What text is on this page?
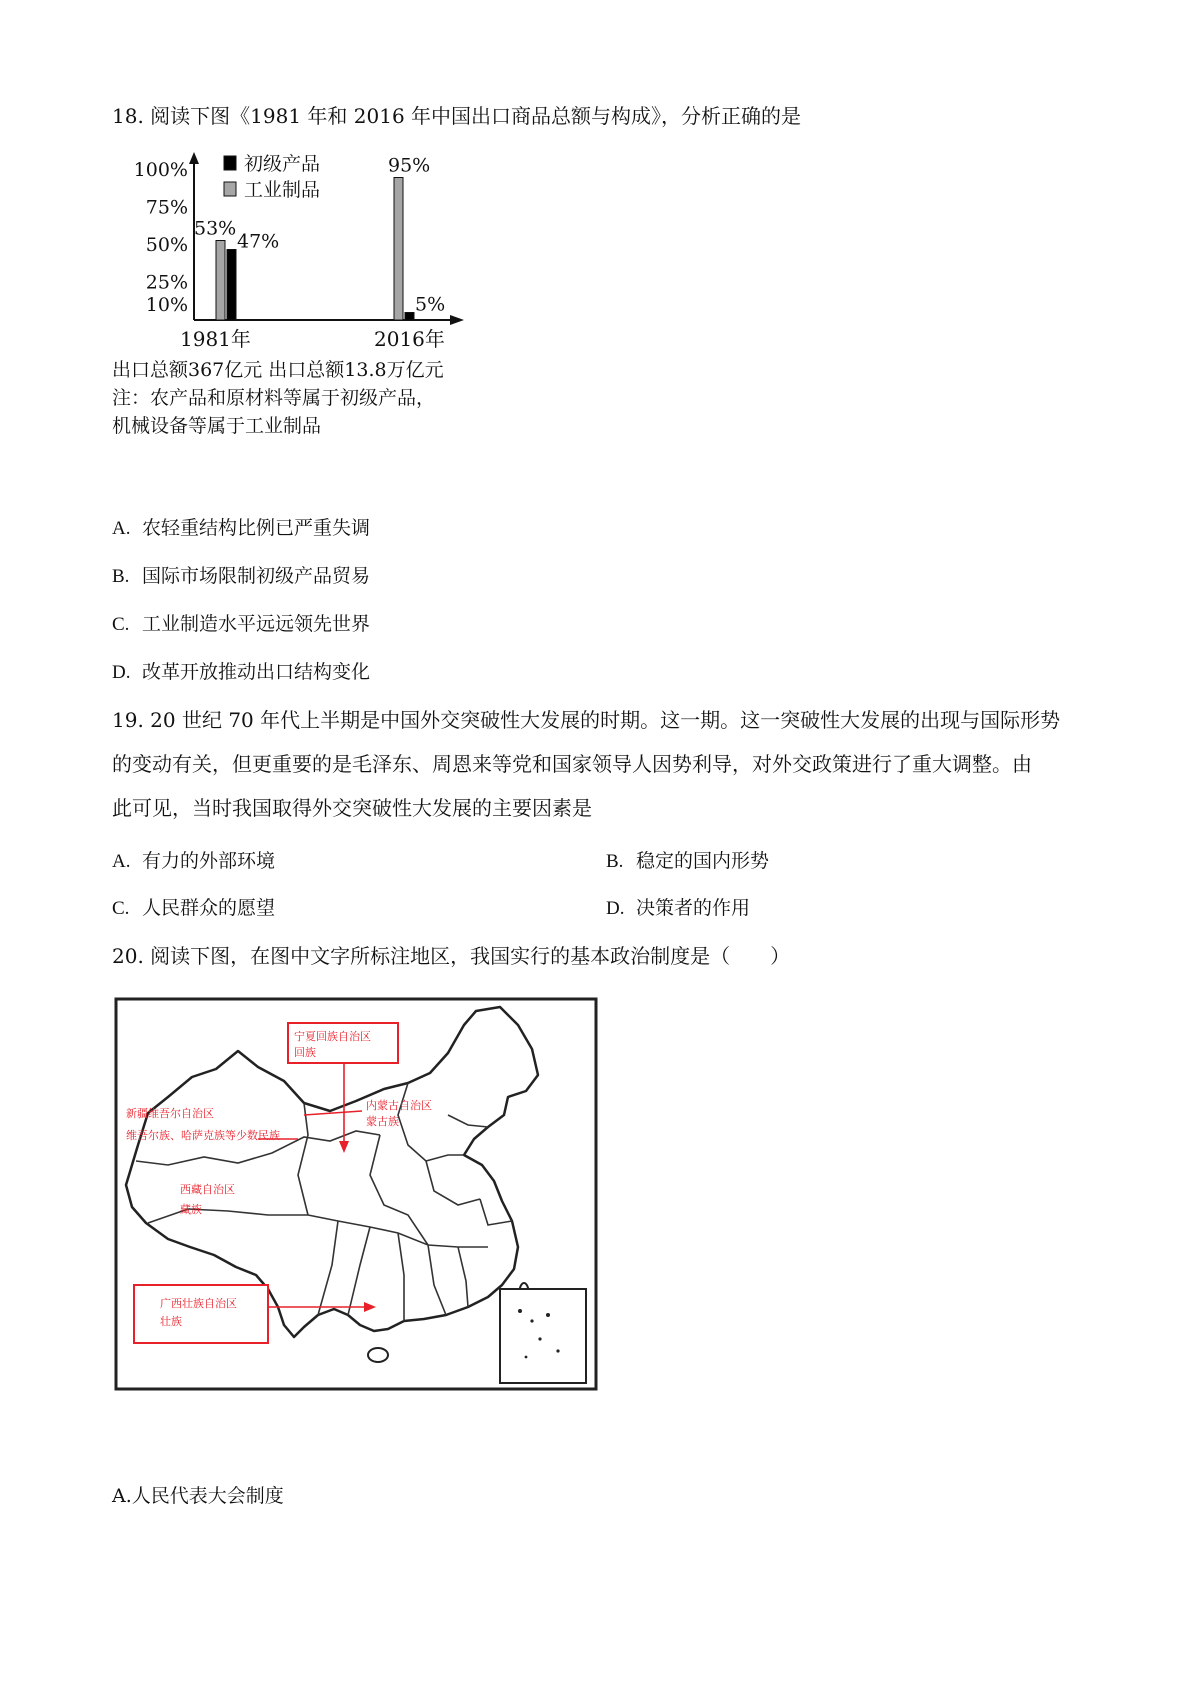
18. 阅读下图《1981 年和 2016 年中国出口商品总额与构成》，分析正确的是
10%
25%
50%
75%
100%
53%
47%
1981年
95%
5%
2016年
初级产品
工业制品
出口总额367亿元 出口总额13.8万亿元
注：农产品和原材料等属于初级产品，
机械设备等属于工业制品
A. 农轻重结构比例已严重失调
B. 国际市场限制初级产品贸易
C. 工业制造水平远远领先世界
D. 改革开放推动出口结构变化
19. 20 世纪 70 年代上半期是中国外交突破性大发展的时期。这一期。这一突破性大发展的出现与国际形势
的变动有关，但更重要的是毛泽东、周恩来等党和国家领导人因势利导，对外交政策进行了重大调整。由
此可见，当时我国取得外交突破性大发展的主要因素是
A. 有力的外部环境	B. 稳定的国内形势
C. 人民群众的愿望	D. 决策者的作用
20. 阅读下图，在图中文字所标注地区，我国实行的基本政治制度是（　　）
宁夏回族自治区
回族
内蒙古自治区
蒙古族
新疆维吾尔自治区
维吾尔族、哈萨克族等少数民族
西藏自治区
藏族
广西壮族自治区
壮族
A.人民代表大会制度
